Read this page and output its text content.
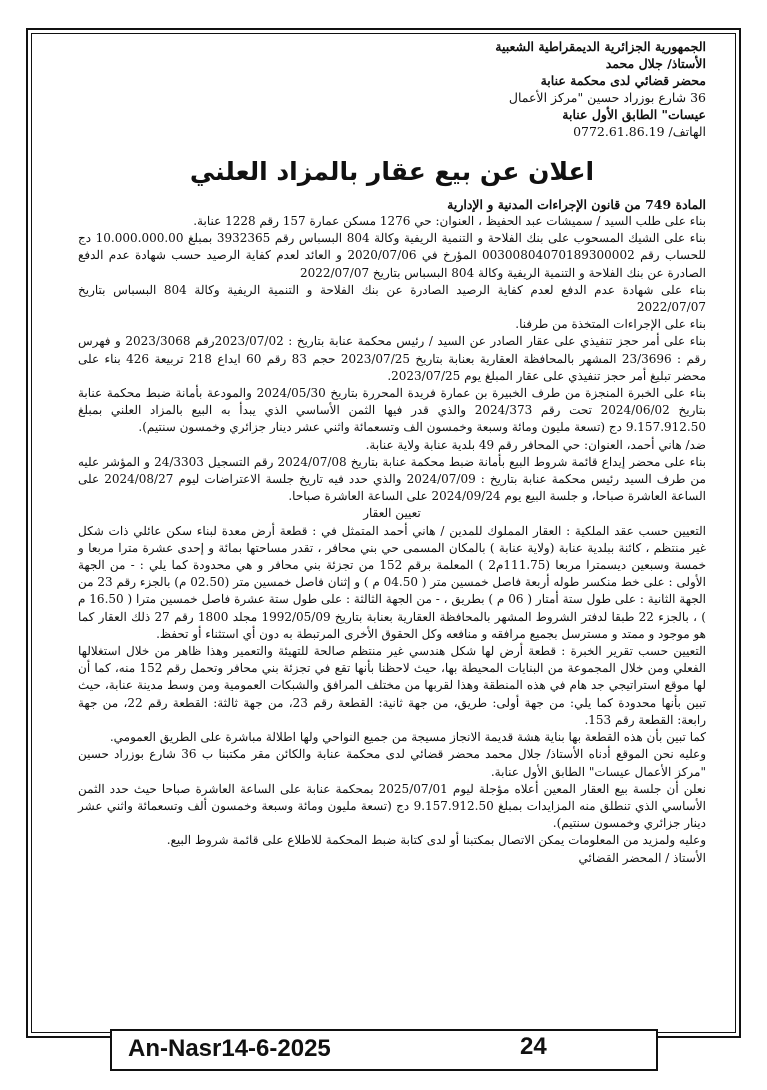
الجمهورية الجزائرية الديمقراطية الشعبية
الأستاذ/ جلال محمد
محضر قضائي لدى محكمة عنابة
36 شارع بوزراد حسين "مركز الأعمال
عيسات" الطابق الأول عنابة
الهاتف/ 0772.61.86.19
اعلان عن بيع عقار بالمزاد العلني
المادة 749 من قانون الإجراءات المدنية و الإدارية

بناء على طلب السيد / سميشات عبد الحفيظ ، العنوان: حي 1276 مسكن عمارة 157 رقم 1228 عنابة.

بناء على الشيك المسحوب على بنك الفلاحة و التنمية الريفية وكالة 804 البسباس رقم 3932365 بمبلغ 10.000.000.00 دج للحساب رقم 00300804070189300002 المؤرخ في 2020/07/06 و العائد لعدم كفاية الرصيد حسب شهادة عدم الدفع الصادرة عن بنك الفلاحة و التنمية الريفية وكالة 804 البسباس بتاريخ 2022/07/07

بناء على شهادة عدم الدفع لعدم كفاية الرصيد الصادرة عن بنك الفلاحة و التنمية الريفية وكالة 804 البسباس بتاريخ 2022/07/07

بناء على الإجراءات المتخذة من طرفنا.

بناء على أمر حجز تنفيذي على عقار الصادر عن السيد / رئيس محكمة عنابة بتاريخ : 2023/07/02رقم 2023/3068 و فهرس رقم : 23/3696 المشهر بالمحافظة العقارية بعنابة بتاريخ 2023/07/25 حجم 83 رقم 60 ايداع 218 تربيعة 426 بناء على محضر تبليغ أمر حجز تنفيذي على عقار المبلغ يوم 2023/07/25.

بناء على الخبرة المنجزة من طرف الخبيرة بن عمارة فريدة المحررة بتاريخ 2024/05/30 والمودعة بأمانة ضبط محكمة عنابة بتاريخ 2024/06/02 تحت رقم 2024/373 والذي قدر فيها الثمن الأساسي الذي يبدأ به البيع بالمزاد العلني بمبلغ 9.157.912.50 دج (تسعة مليون ومائة وسبعة وخمسون الف وتسعمائة واثني عشر دينار جزائري وخمسون سنتيم).

ضد/ هاني أحمد، العنوان: حي المحافر رقم 49 بلدية عنابة ولاية عنابة.

بناء على محضر إيداع قائمة شروط البيع بأمانة ضبط محكمة عنابة بتاريخ 2024/07/08 رقم التسجيل 24/3303 و المؤشر عليه من طرف السيد رئيس محكمة عنابة بتاريخ : 2024/07/09 والذي حدد فيه تاريخ جلسة الاعتراضات ليوم 2024/08/27 على الساعة العاشرة صباحا، و جلسة البيع يوم 2024/09/24 على الساعة العاشرة صباحا.

تعيين العقار

التعيين حسب عقد الملكية : العقار المملوك للمدين / هاني أحمد المتمثل في : قطعة أرض معدة لبناء سكن عائلي ذات شكل غير منتظم ، كائنة ببلدية عنابة (ولاية عنابة ) بالمكان المسمى حي بني محافر ، تقدر مساحتها بمائة و إحدى عشرة مترا مربعا و خمسة وسبعين ديسمترا مربعا (111.75م2 ) المعلمة برقم 152 من تجزئة بني محافر و هي محدودة كما يلي : - من الجهة الأولى : على خط منكسر طوله أربعة فاصل خمسين متر ( 04.50 م ) و إثنان فاصل خمسين متر (02.50 م) بالجزء رقم 23 من الجهة الثانية : على طول ستة أمتار ( 06 م ) بطريق ، - من الجهة الثالثة : على طول ستة عشرة فاصل خمسين مترا ( 16.50 م ) ، بالجزء 22 طبقا لدفتر الشروط المشهر بالمحافظة العقارية بعنابة بتاريخ 1992/05/09 مجلد 1800 رقم 27 ذلك العقار كما هو موجود و ممتد و مسترسل بجميع مرافقه و منافعه وكل الحقوق الأخرى المرتبطة به دون أي استثناء أو تحفظ.

التعيين حسب تقرير الخبرة : قطعة أرض لها شكل هندسي غير منتظم صالحة للتهيئة والتعمير وهذا ظاهر من خلال استغلالها الفعلي ومن خلال المجموعة من البنايات المحيطة بها، حيث لاحظنا بأنها تقع في تجزئة بني محافر وتحمل رقم 152 منه، كما أن لها موقع استراتيجي جد هام في هذه المنطقة وهذا لقربها من مختلف المرافق والشبكات العمومية ومن وسط مدينة عنابة، حيث تبين بأنها محدودة كما يلي: من جهة أولى: طريق، من جهة ثانية: القطعة رقم 23، من جهة ثالثة: القطعة رقم 22، من جهة رابعة: القطعة رقم 153.

كما تبين بأن هذه القطعة بها بناية هشة قديمة الانجاز مسيجة من جميع النواحي ولها اطلالة مباشرة على الطريق العمومي.

وعليه نحن الموقع أدناه الأستاذ/ جلال محمد محضر قضائي لدى محكمة عنابة والكائن مقر مكتبنا ب 36 شارع بوزراد حسين "مركز الأعمال عيسات" الطابق الأول عنابة.

نعلن أن جلسة بيع العقار المعين أعلاه مؤجلة ليوم 2025/07/01 بمحكمة عنابة على الساعة العاشرة صباحا حيث حدد الثمن الأساسي الذي تنطلق منه المزايدات بمبلغ 9.157.912.50 دج (تسعة مليون ومائة وسبعة وخمسون ألف وتسعمائة واثني عشر دينار جزائري وخمسون سنتيم).

وعليه ولمزيد من المعلومات يمكن الاتصال بمكتبنا أو لدى كتابة ضبط المحكمة للاطلاع على قائمة شروط البيع.

الأستاذ / المحضر القضائي

An-Nasr14-6-2025	24
